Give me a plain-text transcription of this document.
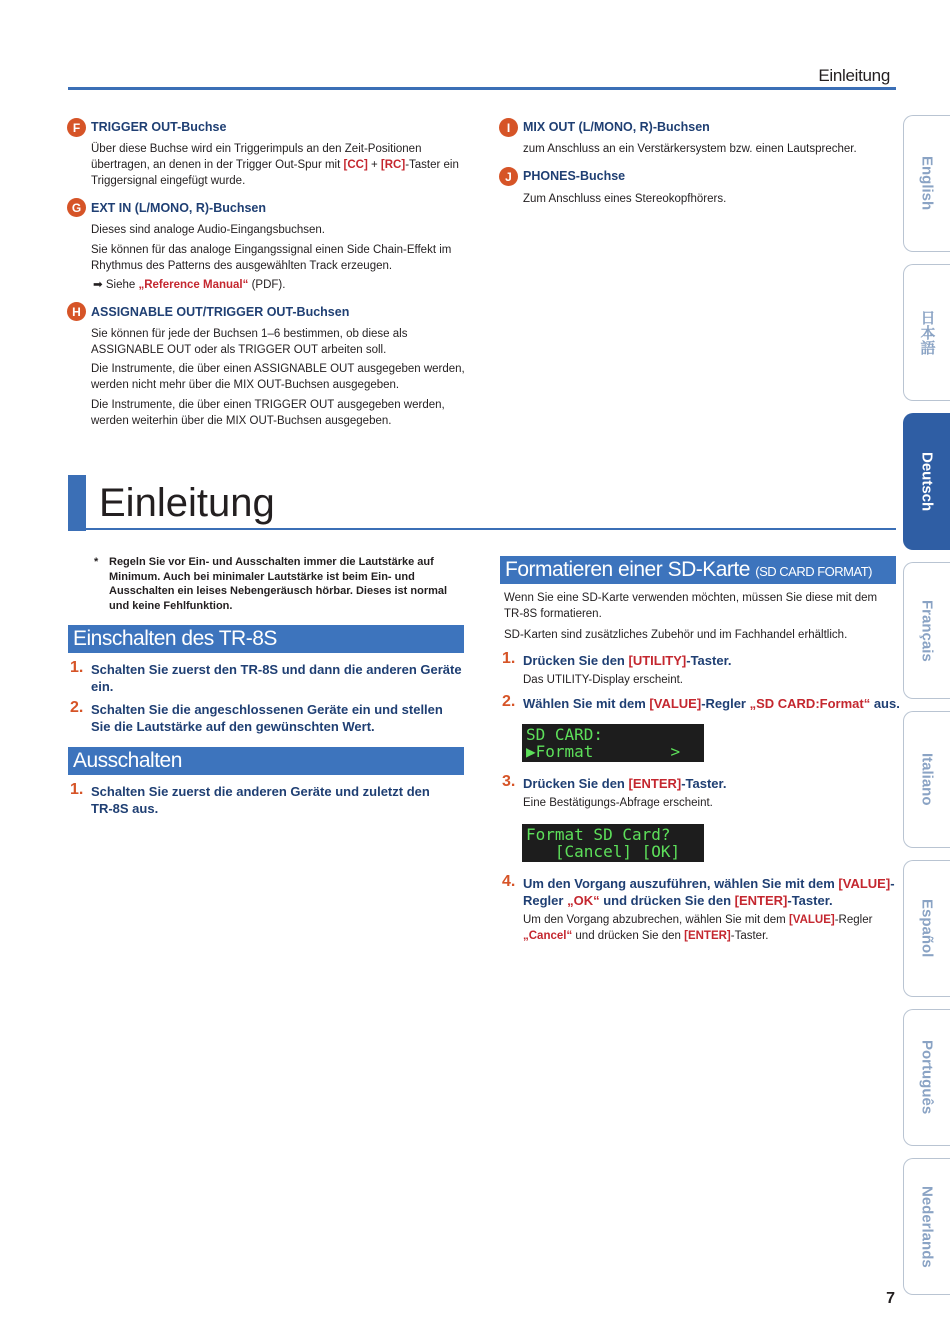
Einleitung
F TRIGGER OUT-Buchse
Über diese Buchse wird ein Triggerimpuls an den Zeit-Positionen übertragen, an denen in der Trigger Out-Spur mit [CC] + [RC]-Taster ein Triggersignal eingefügt wurde.
G EXT IN (L/MONO, R)-Buchsen
Dieses sind analoge Audio-Eingangsbuchsen.
Sie können für das analoge Eingangssignal einen Side Chain-Effekt im Rhythmus des Patterns des ausgewählten Track erzeugen.
➡ Siehe „Reference Manual“ (PDF).
H ASSIGNABLE OUT/TRIGGER OUT-Buchsen
Sie können für jede der Buchsen 1–6 bestimmen, ob diese als ASSIGNABLE OUT oder als TRIGGER OUT arbeiten soll.
Die Instrumente, die über einen ASSIGNABLE OUT ausgegeben werden, werden nicht mehr über die MIX OUT-Buchsen ausgegeben.
Die Instrumente, die über einen TRIGGER OUT ausgegeben werden, werden weiterhin über die MIX OUT-Buchsen ausgegeben.
I	MIX OUT (L/MONO, R)-Buchsen
zum Anschluss an ein Verstärkersystem bzw. einen Lautsprecher.
J PHONES-Buchse
Zum Anschluss eines Stereokopfhörers.
Einleitung
* Regeln Sie vor Ein- und Ausschalten immer die Lautstärke auf Minimum. Auch bei minimaler Lautstärke ist beim Ein- und Ausschalten ein leises Nebengeräusch hörbar. Dieses ist normal und keine Fehlfunktion.
Einschalten des TR-8S
1. Schalten Sie zuerst den TR-8S und dann die anderen Geräte ein.
2. Schalten Sie die angeschlossenen Geräte ein und stellen Sie die Lautstärke auf den gewünschten Wert.
Ausschalten
1. Schalten Sie zuerst die anderen Geräte und zuletzt den TR-8S aus.
Formatieren einer SD-Karte (SD CARD FORMAT)
Wenn Sie eine SD-Karte verwenden möchten, müssen Sie diese mit dem TR-8S formatieren.
SD-Karten sind zusätzliches Zubehör und im Fachhandel erhältlich.
1. Drücken Sie den [UTILITY]-Taster.
Das UTILITY-Display erscheint.
2. Wählen Sie mit dem [VALUE]-Regler „SD CARD:Format“ aus.
SD CARD:
▶Format        >
3. Drücken Sie den [ENTER]-Taster.
Eine Bestätigungs-Abfrage erscheint.
Format SD Card?
[Cancel] [OK]
4. Um den Vorgang auszuführen, wählen Sie mit dem [VALUE]-Regler „OK“ und drücken Sie den [ENTER]-Taster.
Um den Vorgang abzubrechen, wählen Sie mit dem [VALUE]-Regler „Cancel“ und drücken Sie den [ENTER]-Taster.
English
日本語
Deutsch
Français
Italiano
Español
Português
Nederlands
7
